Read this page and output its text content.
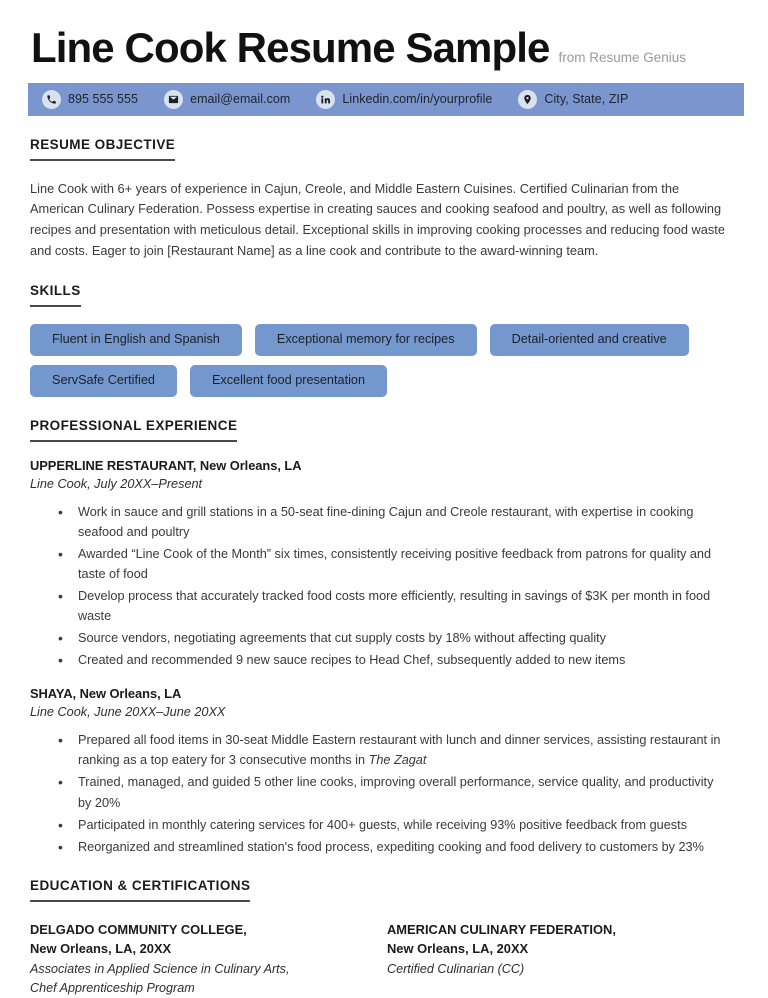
Line Cook Resume Sample from Resume Genius
895 555 555	email@email.com	Linkedin.com/in/yourprofile	City, State, ZIP
RESUME OBJECTIVE
Line Cook with 6+ years of experience in Cajun, Creole, and Middle Eastern Cuisines. Certified Culinarian from the American Culinary Federation. Possess expertise in creating sauces and cooking seafood and poultry, as well as following recipes and presentation with meticulous detail. Exceptional skills in improving cooking processes and reducing food waste and costs. Eager to join [Restaurant Name] as a line cook and contribute to the award-winning team.
SKILLS
Fluent in English and Spanish	Exceptional memory for recipes	Detail-oriented and creative
ServSafe Certified	Excellent food presentation
PROFESSIONAL EXPERIENCE
UPPERLINE RESTAURANT, New Orleans, LA
Line Cook, July 20XX–Present
• Work in sauce and grill stations in a 50-seat fine-dining Cajun and Creole restaurant, with expertise in cooking seafood and poultry
• Awarded “Line Cook of the Month” six times, consistently receiving positive feedback from patrons for quality and taste of food
• Develop process that accurately tracked food costs more efficiently, resulting in savings of $3K per month in food waste
• Source vendors, negotiating agreements that cut supply costs by 18% without affecting quality
• Created and recommended 9 new sauce recipes to Head Chef, subsequently added to new items
SHAYA, New Orleans, LA
Line Cook, June 20XX–June 20XX
• Prepared all food items in 30-seat Middle Eastern restaurant with lunch and dinner services, assisting restaurant in ranking as a top eatery for 3 consecutive months in The Zagat
• Trained, managed, and guided 5 other line cooks, improving overall performance, service quality, and productivity by 20%
• Participated in monthly catering services for 400+ guests, while receiving 93% positive feedback from guests
• Reorganized and streamlined station's food process, expediting cooking and food delivery to customers by 23%
EDUCATION & CERTIFICATIONS
DELGADO COMMUNITY COLLEGE,
New Orleans, LA, 20XX
Associates in Applied Science in Culinary Arts,
Chef Apprenticeship Program
AMERICAN CULINARY FEDERATION,
New Orleans, LA, 20XX
Certified Culinarian (CC)
